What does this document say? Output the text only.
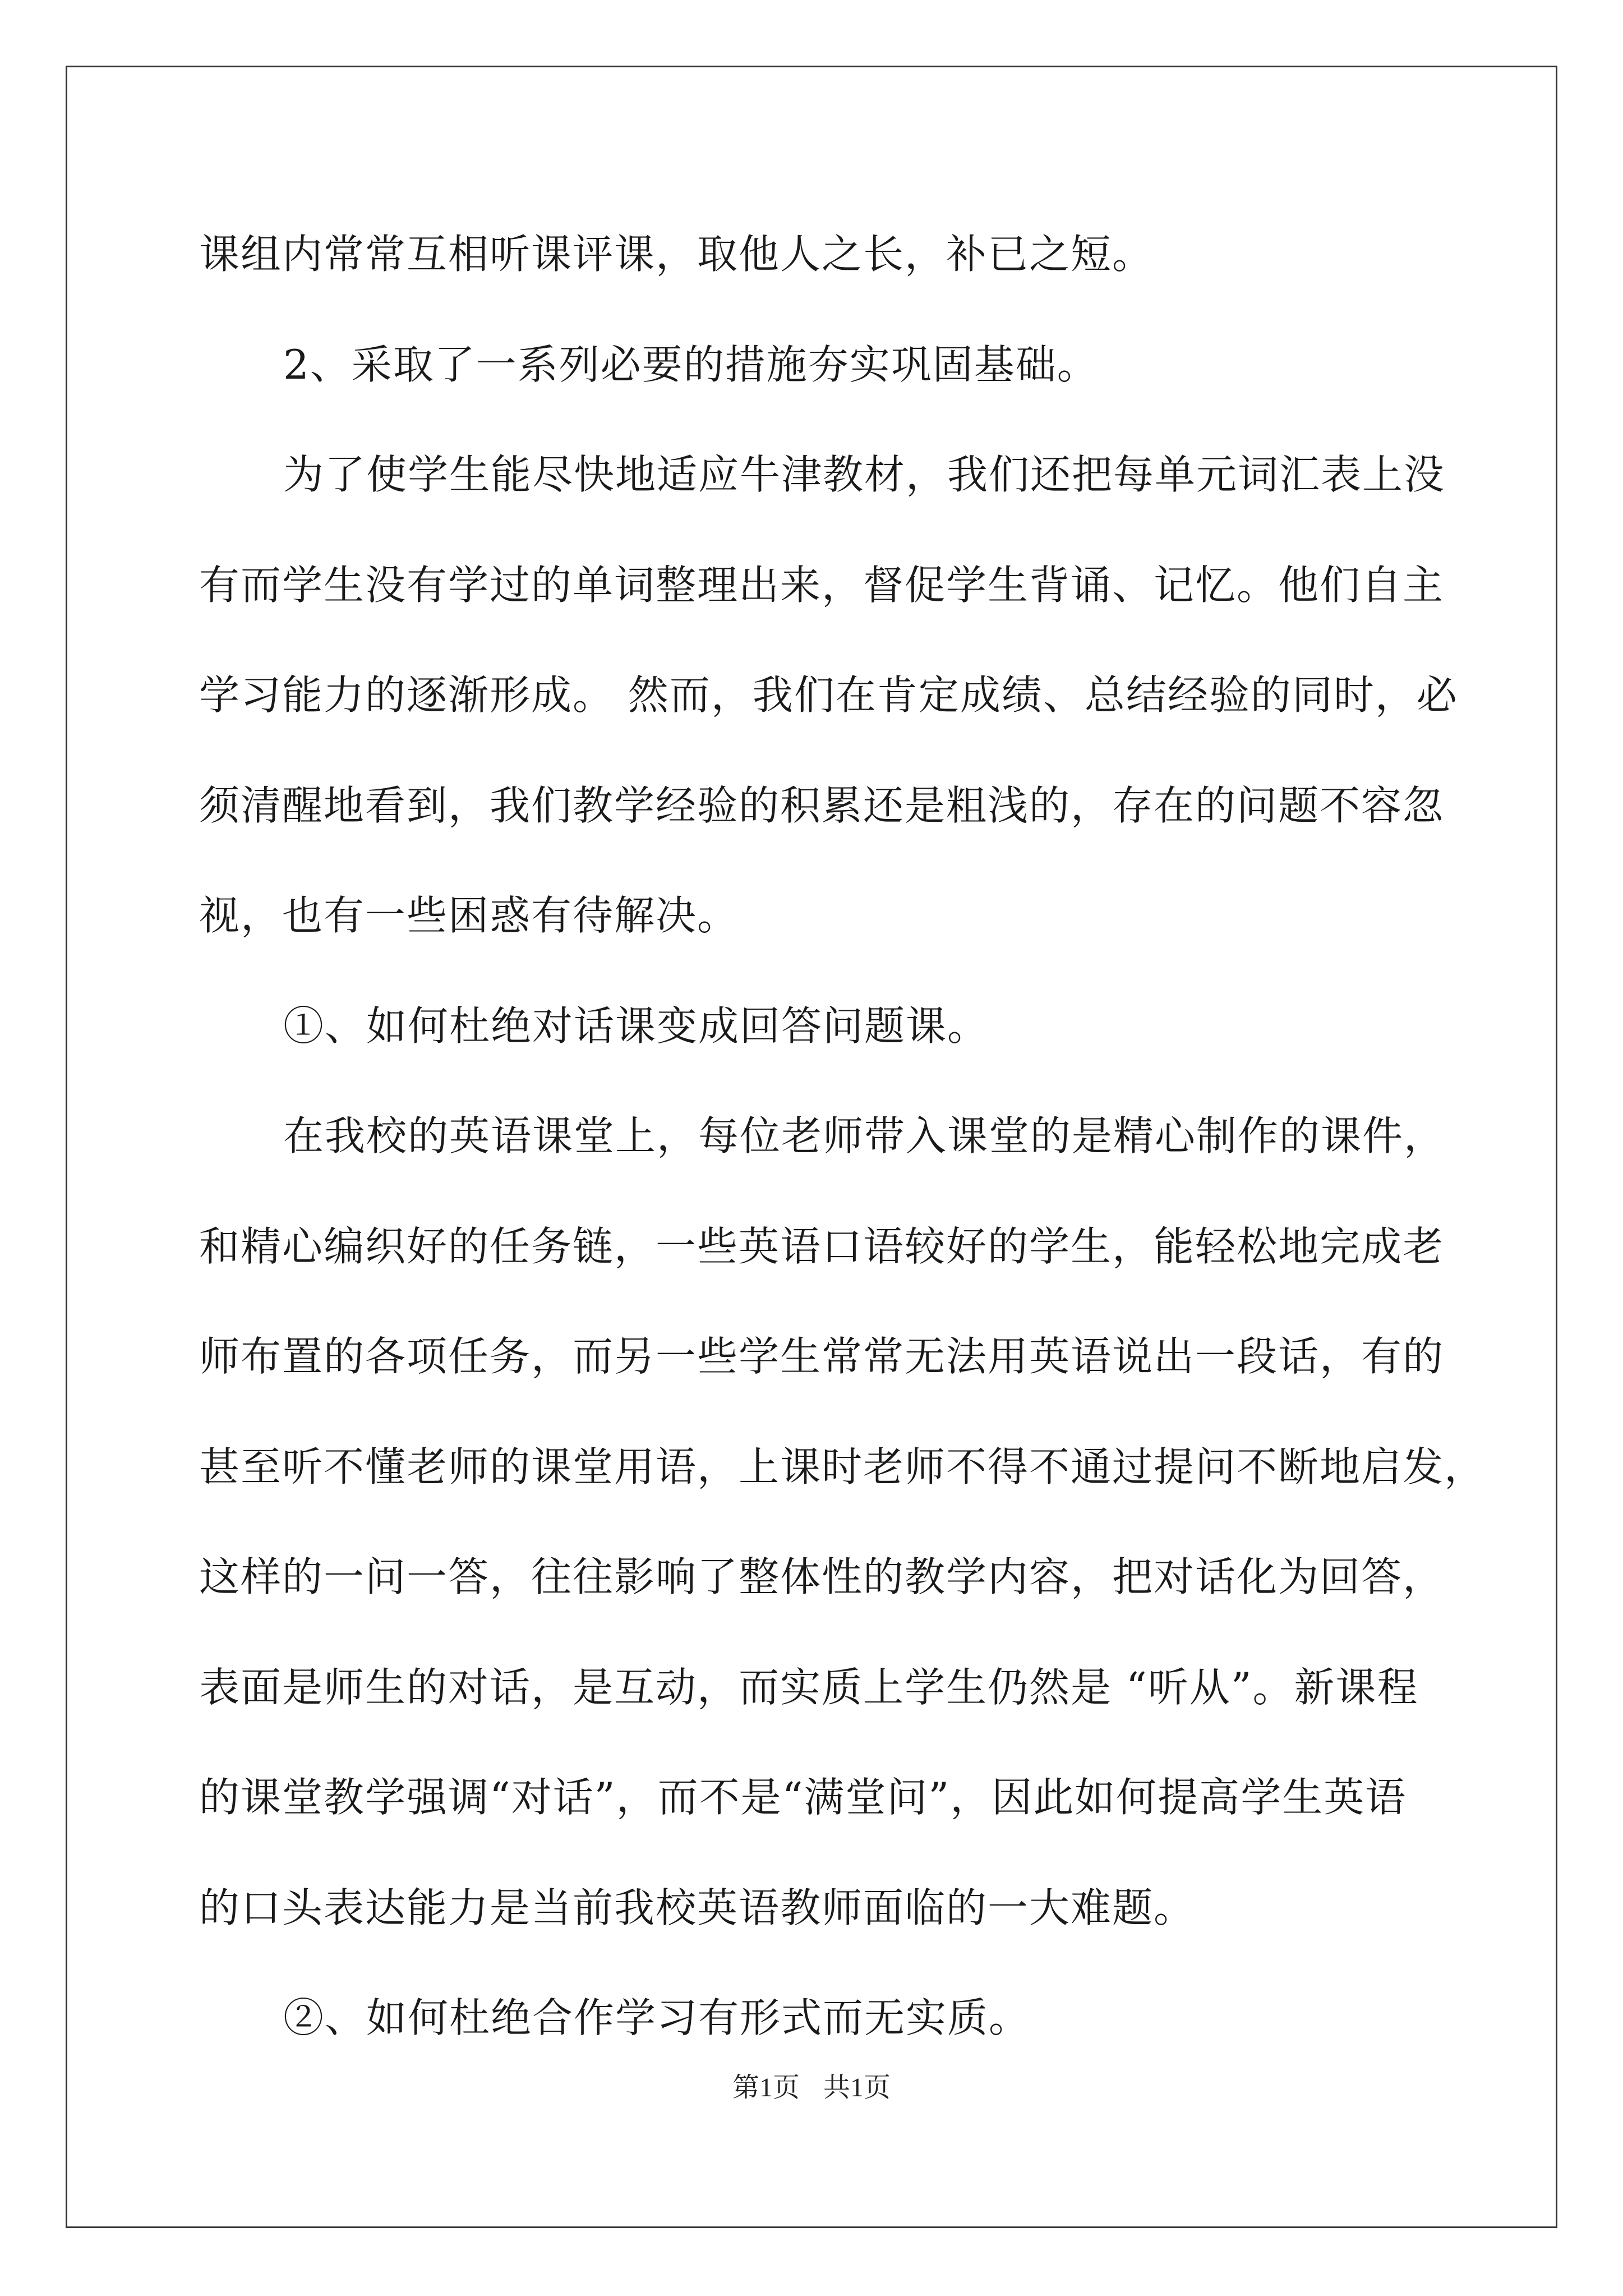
课组内常常互相听课评课，取他人之长，补已之短。
2、采取了一系列必要的措施夯实巩固基础。
为了使学生能尽快地适应牛津教材，我们还把每单元词汇表上没
有而学生没有学过的单词整理出来，督促学生背诵、记忆。他们自主
学习能力的逐渐形成。 然而，我们在肯定成绩、总结经验的同时，必
须清醒地看到，我们教学经验的积累还是粗浅的，存在的问题不容忽
视，也有一些困惑有待解决。
①、如何杜绝对话课变成回答问题课。
在我校的英语课堂上，每位老师带入课堂的是精心制作的课件，
和精心编织好的任务链，一些英语口语较好的学生，能轻松地完成老
师布置的各项任务，而另一些学生常常无法用英语说出一段话，有的
甚至听不懂老师的课堂用语，上课时老师不得不通过提问不断地启发，
这样的一问一答，往往影响了整体性的教学内容，把对话化为回答，
表面是师生的对话，是互动，而实质上学生仍然是 “听从”。新课程
的课堂教学强调“对话”，而不是“满堂问”，因此如何提高学生英语
的口头表达能力是当前我校英语教师面临的一大难题。
②、如何杜绝合作学习有形式而无实质。
第1页 共1页
